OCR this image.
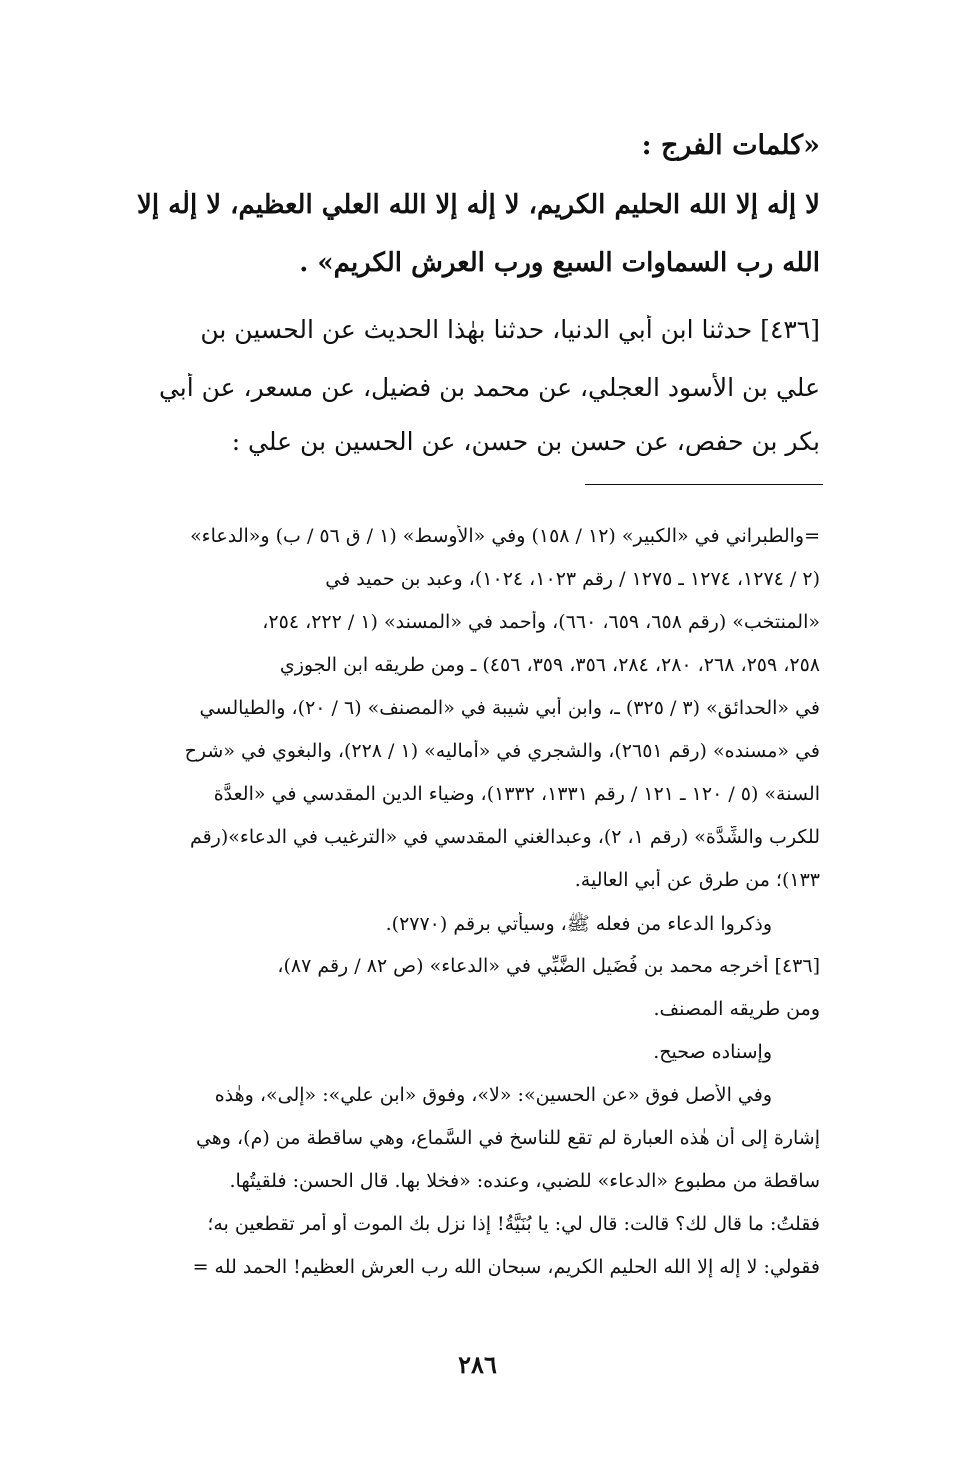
«كلمات الفرج :
لا إلٰه إلا الله الحليم الكريم، لا إلٰه إلا الله العلي العظيم، لا إلٰه إلا
الله رب السماوات السبع ورب العرش الكريم» .
[٤٣٦] حدثنا ابن أبي الدنيا، حدثنا بهٰذا الحديث عن الحسين بن
علي بن الأسود العجلي، عن محمد بن فضيل، عن مسعر، عن أبي
بكر بن حفص، عن حسن بن حسن، عن الحسين بن علي :
=والطبراني في «الكبير» (١٢ / ١٥٨) وفي «الأوسط» (١ / ق ٥٦ / ب) و«الدعاء»
(٢ / ١٢٧٤، ١٢٧٤ ـ ١٢٧٥ / رقم ١٠٢٣، ١٠٢٤)، وعبد بن حميد في
«المنتخب» (رقم ٦٥٨، ٦٥٩، ٦٦٠)، وأحمد في «المسند» (١ / ٢٢٢، ٢٥٤،
٢٥٨، ٢٥٩، ٢٦٨، ٢٨٠، ٢٨٤، ٣٥٦، ٣٥٩، ٤٥٦) ـ ومن طريقه ابن الجوزي
في «الحدائق» (٣ / ٣٢٥) ـ، وابن أبي شيبة في «المصنف» (٦ / ٢٠)، والطيالسي
في «مسنده» (رقم ٢٦٥١)، والشجري في «أماليه» (١ / ٢٢٨)، والبغوي في «شرح
السنة» (٥ / ١٢٠ ـ ١٢١ / رقم ١٣٣١، ١٣٣٢)، وضياء الدين المقدسي في «العدَّة
للكرب والشِّدَّة» (رقم ١، ٢)، وعبدالغني المقدسي في «الترغيب في الدعاء»(رقم
١٣٣)؛ من طرق عن أبي العالية.
وذكروا الدعاء من فعله ﷺ، وسيأتي برقم (٢٧٧٠).
[٤٣٦] أخرجه محمد بن فُضَيل الضَّبِّي في «الدعاء» (ص ٨٢ / رقم ٨٧)،
ومن طريقه المصنف.
وإسناده صحيح.
وفي الأصل فوق «عن الحسين»: «لا»، وفوق «ابن علي»: «إلى»، وهٰذه
إشارة إلى أن هٰذه العبارة لم تقع للناسخ في السَّماع، وهي ساقطة من (م)، وهي
ساقطة من مطبوع «الدعاء» للضبي، وعنده: «فخلا بها. قال الحسن: فلقيتُها.
فقلتُ: ما قال لك؟ قالت: قال لي: يا بُنَيَّةُ! إذا نزل بك الموت أو أمر تقطعين به؛
فقولي: لا إله إلا الله الحليم الكريم، سبحان الله رب العرش العظيم! الحمد لله =
٢٨٦
